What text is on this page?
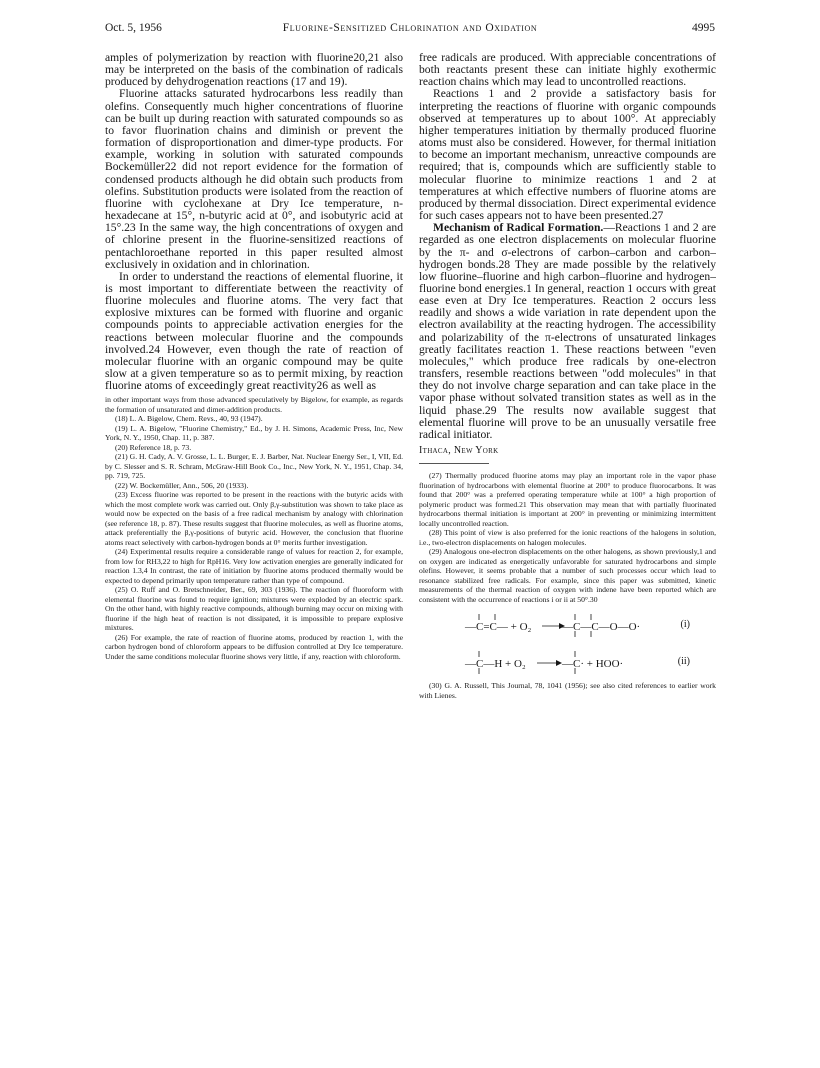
Oct. 5, 1956	Fluorine-Sensitized Chlorination and Oxidation	4995

amples of polymerization by reaction with fluorine20,21 also may be interpreted on the basis of the combination of radicals produced by dehydrogenation reactions (17 and 19).

Fluorine attacks saturated hydrocarbons less readily than olefins. Consequently much higher concentrations of fluorine can be built up during reaction with saturated compounds so as to favor fluorination chains and diminish or prevent the formation of disproportionation and dimer-type products. For example, working in solution with saturated compounds Bockemüller22 did not report evidence for the formation of condensed products although he did obtain such products from olefins. Substitution products were isolated from the reaction of fluorine with cyclohexane at Dry Ice temperature, n-hexadecane at 15°, n-butyric acid at 0°, and isobutyric acid at 15°.23 In the same way, the high concentrations of oxygen and of chlorine present in the fluorine-sensitized reactions of pentachloroethane reported in this paper resulted almost exclusively in oxidation and in chlorination.

In order to understand the reactions of elemental fluorine, it is most important to differentiate between the reactivity of fluorine molecules and fluorine atoms. The very fact that explosive mixtures can be formed with fluorine and organic compounds points to appreciable activation energies for the reactions between molecular fluorine and the compounds involved.24 However, even though the rate of reaction of molecular fluorine with an organic compound may be quite slow at a given temperature so as to permit mixing, by reaction fluorine atoms of exceedingly great reactivity26 as well as

in other important ways from those advanced speculatively by Bigelow, for example, as regards the formation of unsaturated and dimer-addition products.

(18) L. A. Bigelow, Chem. Revs., 40, 93 (1947).

(19) L. A. Bigelow, "Fluorine Chemistry," Ed., by J. H. Simons, Academic Press, Inc, New York, N. Y., 1950, Chap. 11, p. 387.

(20) Reference 18, p. 73.

(21) G. H. Cady, A. V. Grosse, L. L. Burger, E. J. Barber, Nat. Nuclear Energy Ser., I, VII, Ed. by C. Slesser and S. R. Schram, McGraw-Hill Book Co., Inc., New York, N. Y., 1951, Chap. 34, pp. 719, 725.

(22) W. Bockemüller, Ann., 506, 20 (1933).

(23) Excess fluorine was reported to be present in the reactions with the butyric acids with which the most complete work was carried out. Only β,γ-substitution was shown to take place as would now be expected on the basis of a free radical mechanism by analogy with chlorination (see reference 18, p. 87). These results suggest that fluorine molecules, as well as fluorine atoms, attack preferentially the β,γ-positions of butyric acid. However, the conclusion that fluorine atoms react selectively with carbon-hydrogen bonds at 0° merits further investigation.

(24) Experimental results require a considerable range of values for reaction 2, for example, from low for RH3,22 to high for RpH16. Very low activation energies are generally indicated for reaction 1.3,4 In contrast, the rate of initiation by fluorine atoms produced thermally would be expected to depend primarily upon temperature rather than type of compound.

(25) O. Ruff and O. Bretschneider, Ber., 69, 303 (1936). The reaction of fluoroform with elemental fluorine was found to require ignition; mixtures were exploded by an electric spark. On the other hand, with highly reactive compounds, although burning may occur on mixing with fluorine if the high heat of reaction is not dissipated, it is impossible to prepare explosive mixtures.

(26) For example, the rate of reaction of fluorine atoms, produced by reaction 1, with the carbon hydrogen bond of chloroform appears to be diffusion controlled at Dry Ice temperature. Under the same conditions molecular fluorine shows very little, if any, reaction with chloroform.

free radicals are produced. With appreciable concentrations of both reactants present these can initiate highly exothermic reaction chains which may lead to uncontrolled reactions.

Reactions 1 and 2 provide a satisfactory basis for interpreting the reactions of fluorine with organic compounds observed at temperatures up to about 100°. At appreciably higher temperatures initiation by thermally produced fluorine atoms must also be considered. However, for thermal initiation to become an important mechanism, unreactive compounds are required; that is, compounds which are sufficiently stable to molecular fluorine to minimize reactions 1 and 2 at temperatures at which effective numbers of fluorine atoms are produced by thermal dissociation. Direct experimental evidence for such cases appears not to have been presented.27

Mechanism of Radical Formation.—Reactions 1 and 2 are regarded as one electron displacements on molecular fluorine by the π- and σ-electrons of carbon–carbon and carbon–hydrogen bonds.28 They are made possible by the relatively low fluorine–fluorine and high carbon–fluorine and hydrogen–fluorine bond energies.1 In general, reaction 1 occurs with great ease even at Dry Ice temperatures. Reaction 2 occurs less readily and shows a wide variation in rate dependent upon the electron availability at the reacting hydrogen. The accessibility and polarizability of the π-electrons of unsaturated linkages greatly facilitates reaction 1. These reactions between "even molecules," which produce free radicals by one-electron transfers, resemble reactions between "odd molecules" in that they do not involve charge separation and can take place in the vapor phase without solvated transition states as well as in the liquid phase.29 The results now available suggest that elemental fluorine will prove to be an unusually versatile free radical initiator.

Ithaca, New York

(27) Thermally produced fluorine atoms may play an important role in the vapor phase fluorination of hydrocarbons with elemental fluorine at 200° to produce fluorocarbons. It was found that 200° was a preferred operating temperature while at 100° a high proportion of polymeric product was formed.21 This observation may mean that with partially fluorinated hydrocarbons thermal initiation is important at 200° in preventing or minimizing intermittent locally uncontrolled reaction.

(28) This point of view is also preferred for the ionic reactions of the halogens in solution, i.e., two-electron displacements on halogen molecules.

(29) Analogous one-electron displacements on the other halogens, as shown previously,1 and on oxygen are indicated as energetically unfavorable for saturated hydrocarbons and simple olefins. However, it seems probable that a number of such processes occur which lead to resonance stabilized free radicals. For example, since this paper was submitted, kinetic measurements of the thermal reaction of oxygen with indene have been reported which are consistent with the occurrence of reactions i or ii at 50°.30

—C=C— + O₂	—C—C—O—O·	(i)
—C—H + O₂	—C· + HOO·	(ii)

(30) G. A. Russell, This Journal, 78, 1041 (1956); see also cited references to earlier work with Lienes.
